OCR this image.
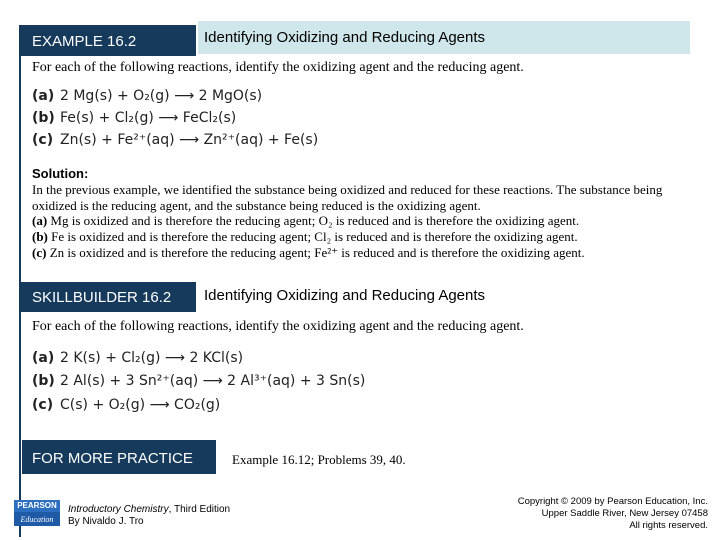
EXAMPLE 16.2	Identifying Oxidizing and Reducing Agents
For each of the following reactions, identify the oxidizing agent and the reducing agent.
(a) 2 Mg(s) + O₂(g) ⟶ 2 MgO(s)
(b) Fe(s) + Cl₂(g) ⟶ FeCl₂(s)
(c) Zn(s) + Fe²⁺(aq) ⟶ Zn²⁺(aq) + Fe(s)
Solution:
In the previous example, we identified the substance being oxidized and reduced for these reactions. The substance being oxidized is the reducing agent, and the substance being reduced is the oxidizing agent.
(a) Mg is oxidized and is therefore the reducing agent; O₂ is reduced and is therefore the oxidizing agent.
(b) Fe is oxidized and is therefore the reducing agent; Cl₂ is reduced and is therefore the oxidizing agent.
(c) Zn is oxidized and is therefore the reducing agent; Fe²⁺ is reduced and is therefore the oxidizing agent.
SKILLBUILDER 16.2 Identifying Oxidizing and Reducing Agents
For each of the following reactions, identify the oxidizing agent and the reducing agent.
(a) 2 K(s) + Cl₂(g) ⟶ 2 KCl(s)
(b) 2 Al(s) + 3 Sn²⁺(aq) ⟶ 2 Al³⁺(aq) + 3 Sn(s)
(c) C(s) + O₂(g) ⟶ CO₂(g)
FOR MORE PRACTICE	Example 16.12; Problems 39, 40.
PEARSON
Education
Introductory Chemistry, Third Edition
By Nivaldo J. Tro
Copyright © 2009 by Pearson Education, Inc.
Upper Saddle River, New Jersey 07458
All rights reserved.
